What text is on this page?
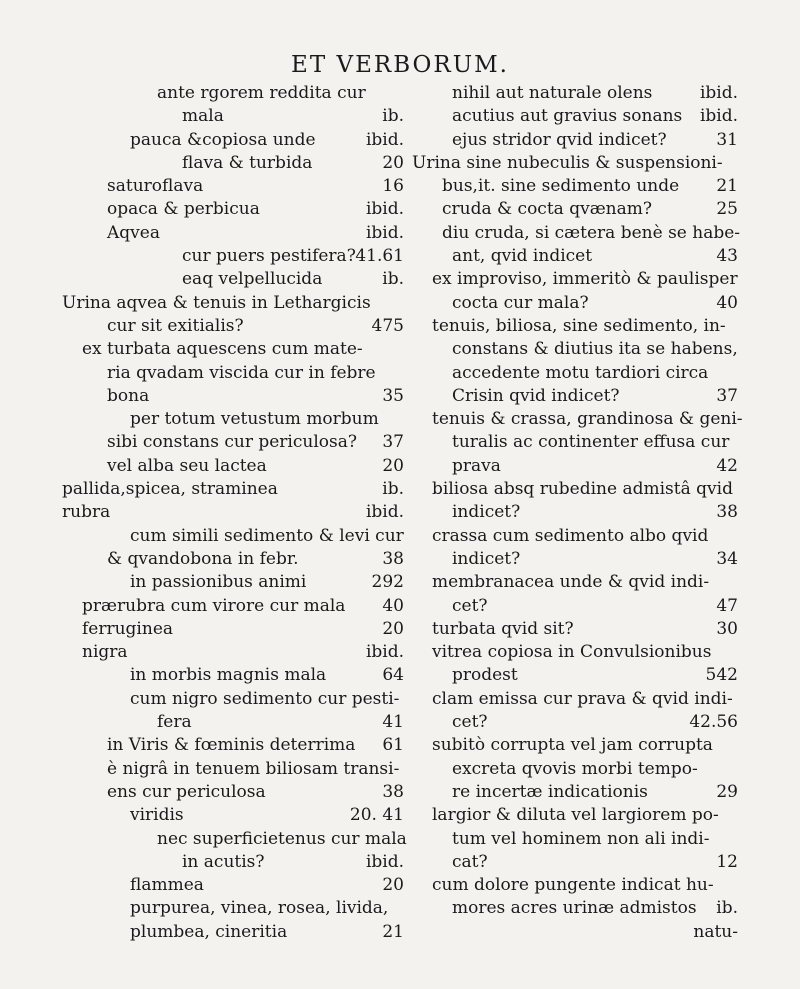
ET VERBORUM.
ante rgorem reddita cur
mala	ib.
pauca &copiosa unde	ibid.
flava & turbida	20
saturoflava	16
opaca & perbicua	ibid.
Aqvea	ibid.
cur puers pestifera? 41.61
eaq velpellucida	ib.
Urina aqvea & tenuis in Lethargicis
cur sit exitialis?	475
ex turbata aquescens cum mate-
ria qvadam viscida cur in febre
bona	35
per totum vetustum morbum
sibi constans cur periculosa? 37
vel alba seu lactea	20
pallida,spicea, straminea	ib.
rubra	ibid.
cum simili sedimento & levi cur
& qvandobona in febr.	38
in passionibus animi	292
prærubra cum virore cur mala 40
ferruginea	20
nigra	ibid.
in morbis magnis mala	64
cum nigro sedimento cur pesti-
fera	41
in Viris & fœminis deterrima 61
è nigrâ in tenuem biliosam transi-
ens cur periculosa	38
viridis	20. 41
nec superficietenus cur mala
in acutis?	ibid.
flammea	20
purpurea, vinea, rosea, livida,
plumbea, cineritia	21
nihil aut naturale olens	ibid.
acutius aut gravius sonans ibid.
ejus stridor qvid indicet?	31
Urina sine nubeculis & suspensioni-
bus,it. sine sedimento unde 21
cruda & cocta qvænam?	25
diu cruda, si cætera benè se habe-
ant, qvid indicet	43
ex improviso, immeritò & paulisper
cocta cur mala?	40
tenuis, biliosa, sine sedimento, in-
constans & diutius ita se habens,
accedente motu tardiori circa
Crisin qvid indicet?	37
tenuis & crassa, grandinosa & geni-
turalis ac continenter effusa cur
prava	42
biliosa absq rubedine admistâ qvid
indicet?	38
crassa cum sedimento albo qvid
indicet?	34
membranacea unde & qvid indi-
cet?	47
turbata qvid sit?	30
vitrea copiosa in Convulsionibus
prodest	542
clam emissa cur prava & qvid indi-
cet?	42.56
subitò corrupta vel jam corrupta
excreta qvovis morbi tempo-
re incertæ indicationis	29
largior & diluta vel largiorem po-
tum vel hominem non ali indi-
cat?	12
cum dolore pungente indicat hu-
mores acres urinæ admistos ib.
natu-
